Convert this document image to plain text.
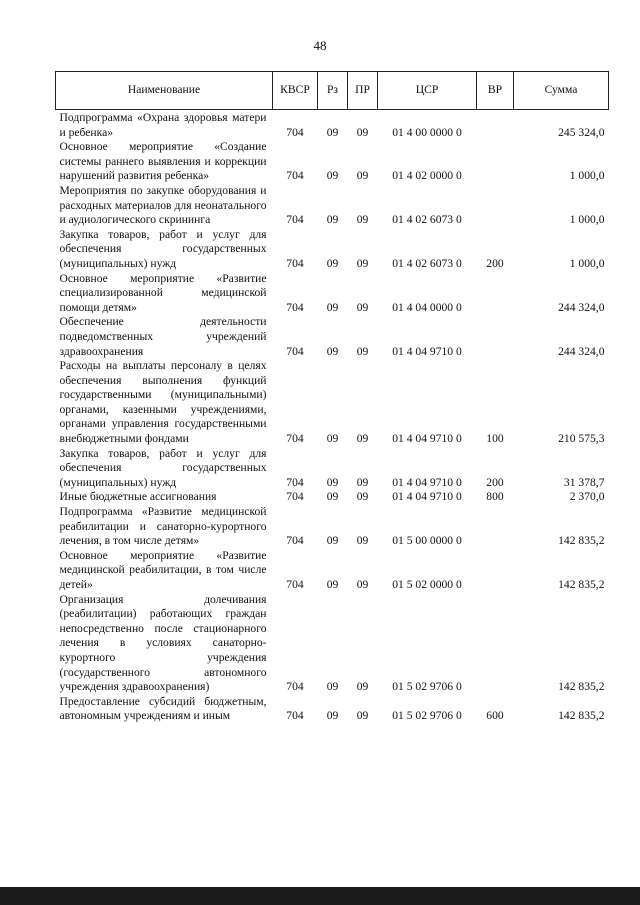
48
Наименование	КВСР	Рз	ПР	ЦСР	ВР	Сумма
Подпрограмма «Охрана здоровья матери и ребенка»	704	09	09	01 4 00 0000 0		245 324,0
Основное мероприятие «Создание системы раннего выявления и коррекции нарушений развития ребенка»	704	09	09	01 4 02 0000 0		1 000,0
Мероприятия по закупке оборудования и расходных материалов для неонатального и аудиологического скрининга	704	09	09	01 4 02 6073 0		1 000,0
Закупка товаров, работ и услуг для обеспечения государственных (муниципальных) нужд	704	09	09	01 4 02 6073 0	200	1 000,0
Основное мероприятие «Развитие специализированной медицинской помощи детям»	704	09	09	01 4 04 0000 0		244 324,0
Обеспечение деятельности подведомственных учреждений здравоохранения	704	09	09	01 4 04 9710 0		244 324,0
Расходы на выплаты персоналу в целях обеспечения выполнения функций государственными (муниципальными) органами, казенными учреждениями, органами управления государственными внебюджетными фондами	704	09	09	01 4 04 9710 0	100	210 575,3
Закупка товаров, работ и услуг для обеспечения государственных (муниципальных) нужд	704	09	09	01 4 04 9710 0	200	31 378,7
Иные бюджетные ассигнования	704	09	09	01 4 04 9710 0	800	2 370,0
Подпрограмма «Развитие медицинской реабилитации и санаторно-курортного лечения, в том числе детям»	704	09	09	01 5 00 0000 0		142 835,2
Основное мероприятие «Развитие медицинской реабилитации, в том числе детей»	704	09	09	01 5 02 0000 0		142 835,2
Организация долечивания (реабилитации) работающих граждан непосредственно после стационарного лечения в условиях санаторно-курортного учреждения (государственного автономного учреждения здравоохранения)	704	09	09	01 5 02 9706 0		142 835,2
Предоставление субсидий бюджетным, автономным учреждениям и иным	704	09	09	01 5 02 9706 0	600	142 835,2
